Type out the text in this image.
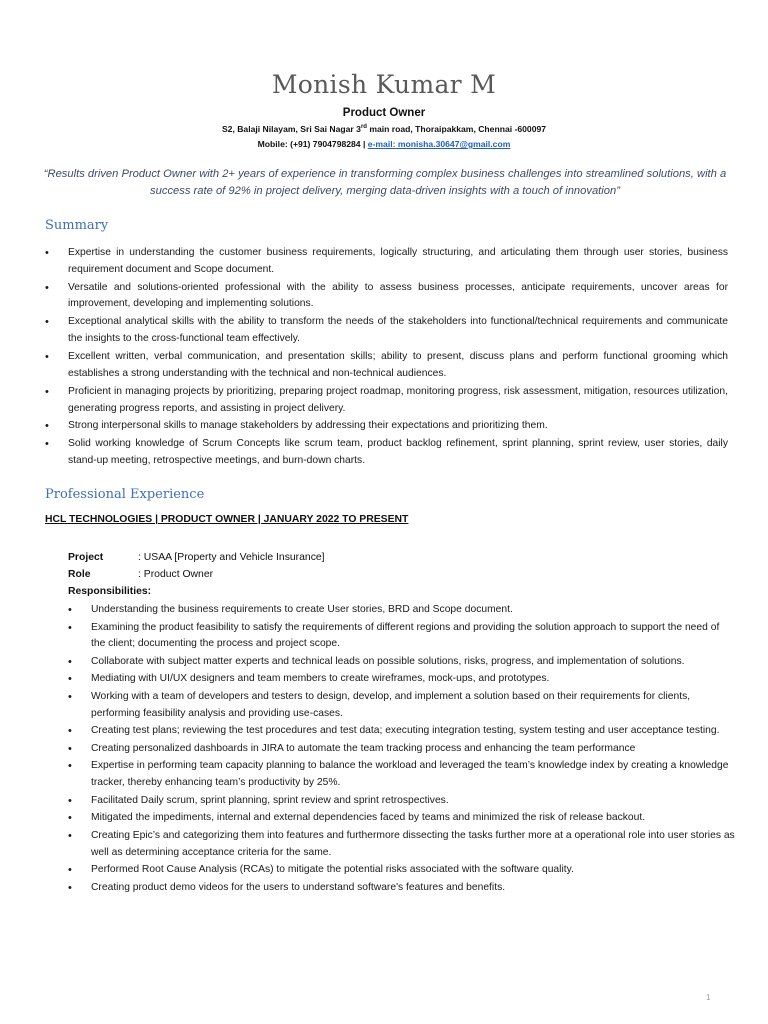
Monish Kumar M
Product Owner
S2, Balaji Nilayam, Sri Sai Nagar 3rd main road, Thoraipakkam, Chennai -600097
Mobile: (+91) 7904798284 | e-mail: monisha.30647@gmail.com
“Results driven Product Owner with 2+ years of experience in transforming complex business challenges into streamlined solutions, with a success rate of 92% in project delivery, merging data-driven insights with a touch of innovation”
Summary
• Expertise in understanding the customer business requirements, logically structuring, and articulating them through user stories, business requirement document and Scope document.
• Versatile and solutions-oriented professional with the ability to assess business processes, anticipate requirements, uncover areas for improvement, developing and implementing solutions.
• Exceptional analytical skills with the ability to transform the needs of the stakeholders into functional/technical requirements and communicate the insights to the cross-functional team effectively.
• Excellent written, verbal communication, and presentation skills; ability to present, discuss plans and perform functional grooming which establishes a strong understanding with the technical and non-technical audiences.
• Proficient in managing projects by prioritizing, preparing project roadmap, monitoring progress, risk assessment, mitigation, resources utilization, generating progress reports, and assisting in project delivery.
• Strong interpersonal skills to manage stakeholders by addressing their expectations and prioritizing them.
• Solid working knowledge of Scrum Concepts like scrum team, product backlog refinement, sprint planning, sprint review, user stories, daily stand-up meeting, retrospective meetings, and burn-down charts.
Professional Experience
HCL TECHNOLOGIES | PRODUCT OWNER | JANUARY 2022 TO PRESENT
Project	: USAA [Property and Vehicle Insurance]
Role	: Product Owner
Responsibilities:
• Understanding the business requirements to create User stories, BRD and Scope document.
• Examining the product feasibility to satisfy the requirements of different regions and providing the solution approach to support the need of the client; documenting the process and project scope.
• Collaborate with subject matter experts and technical leads on possible solutions, risks, progress, and implementation of solutions.
• Mediating with UI/UX designers and team members to create wireframes, mock-ups, and prototypes.
• Working with a team of developers and testers to design, develop, and implement a solution based on their requirements for clients, performing feasibility analysis and providing use-cases.
• Creating test plans; reviewing the test procedures and test data; executing integration testing, system testing and user acceptance testing.
• Creating personalized dashboards in JIRA to automate the team tracking process and enhancing the team performance
• Expertise in performing team capacity planning to balance the workload and leveraged the team’s knowledge index by creating a knowledge tracker, thereby enhancing team’s productivity by 25%.
• Facilitated Daily scrum, sprint planning, sprint review and sprint retrospectives.
• Mitigated the impediments, internal and external dependencies faced by teams and minimized the risk of release backout.
• Creating Epic’s and categorizing them into features and furthermore dissecting the tasks further more at a operational role into user stories as well as determining acceptance criteria for the same.
• Performed Root Cause Analysis (RCAs) to mitigate the potential risks associated with the software quality.
• Creating product demo videos for the users to understand software's features and benefits.
1
